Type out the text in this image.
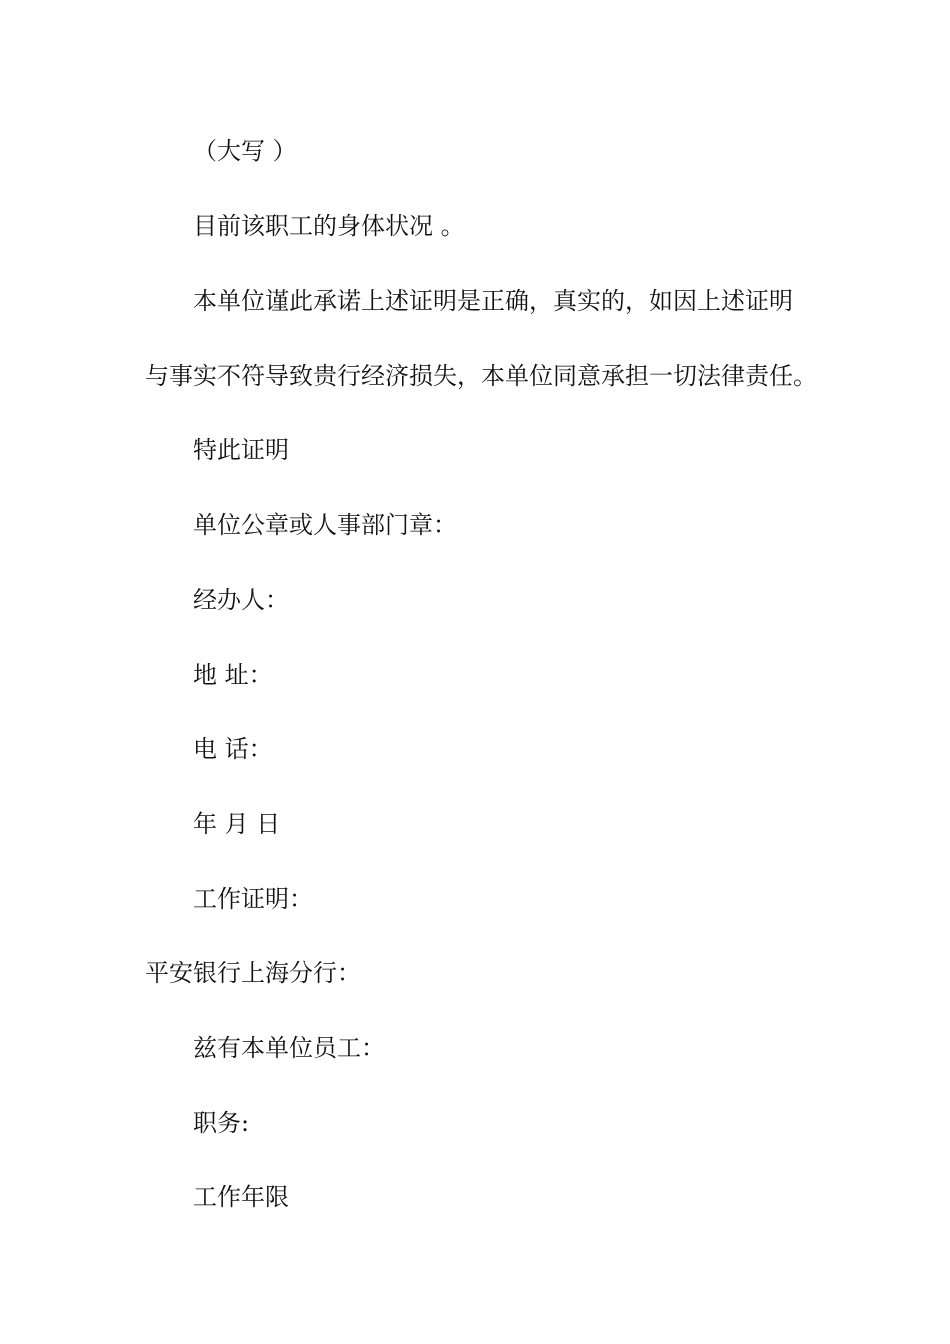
（大写 ）
目前该职工的身体状况 。
本单位谨此承诺上述证明是正确，真实的，如因上述证明
与事实不符导致贵行经济损失，本单位同意承担一切法律责任。
特此证明
单位公章或人事部门章：
经办人：
地 址：
电 话：
年 月 日
工作证明：
平安银行上海分行：
兹有本单位员工：
职务:
工作年限
